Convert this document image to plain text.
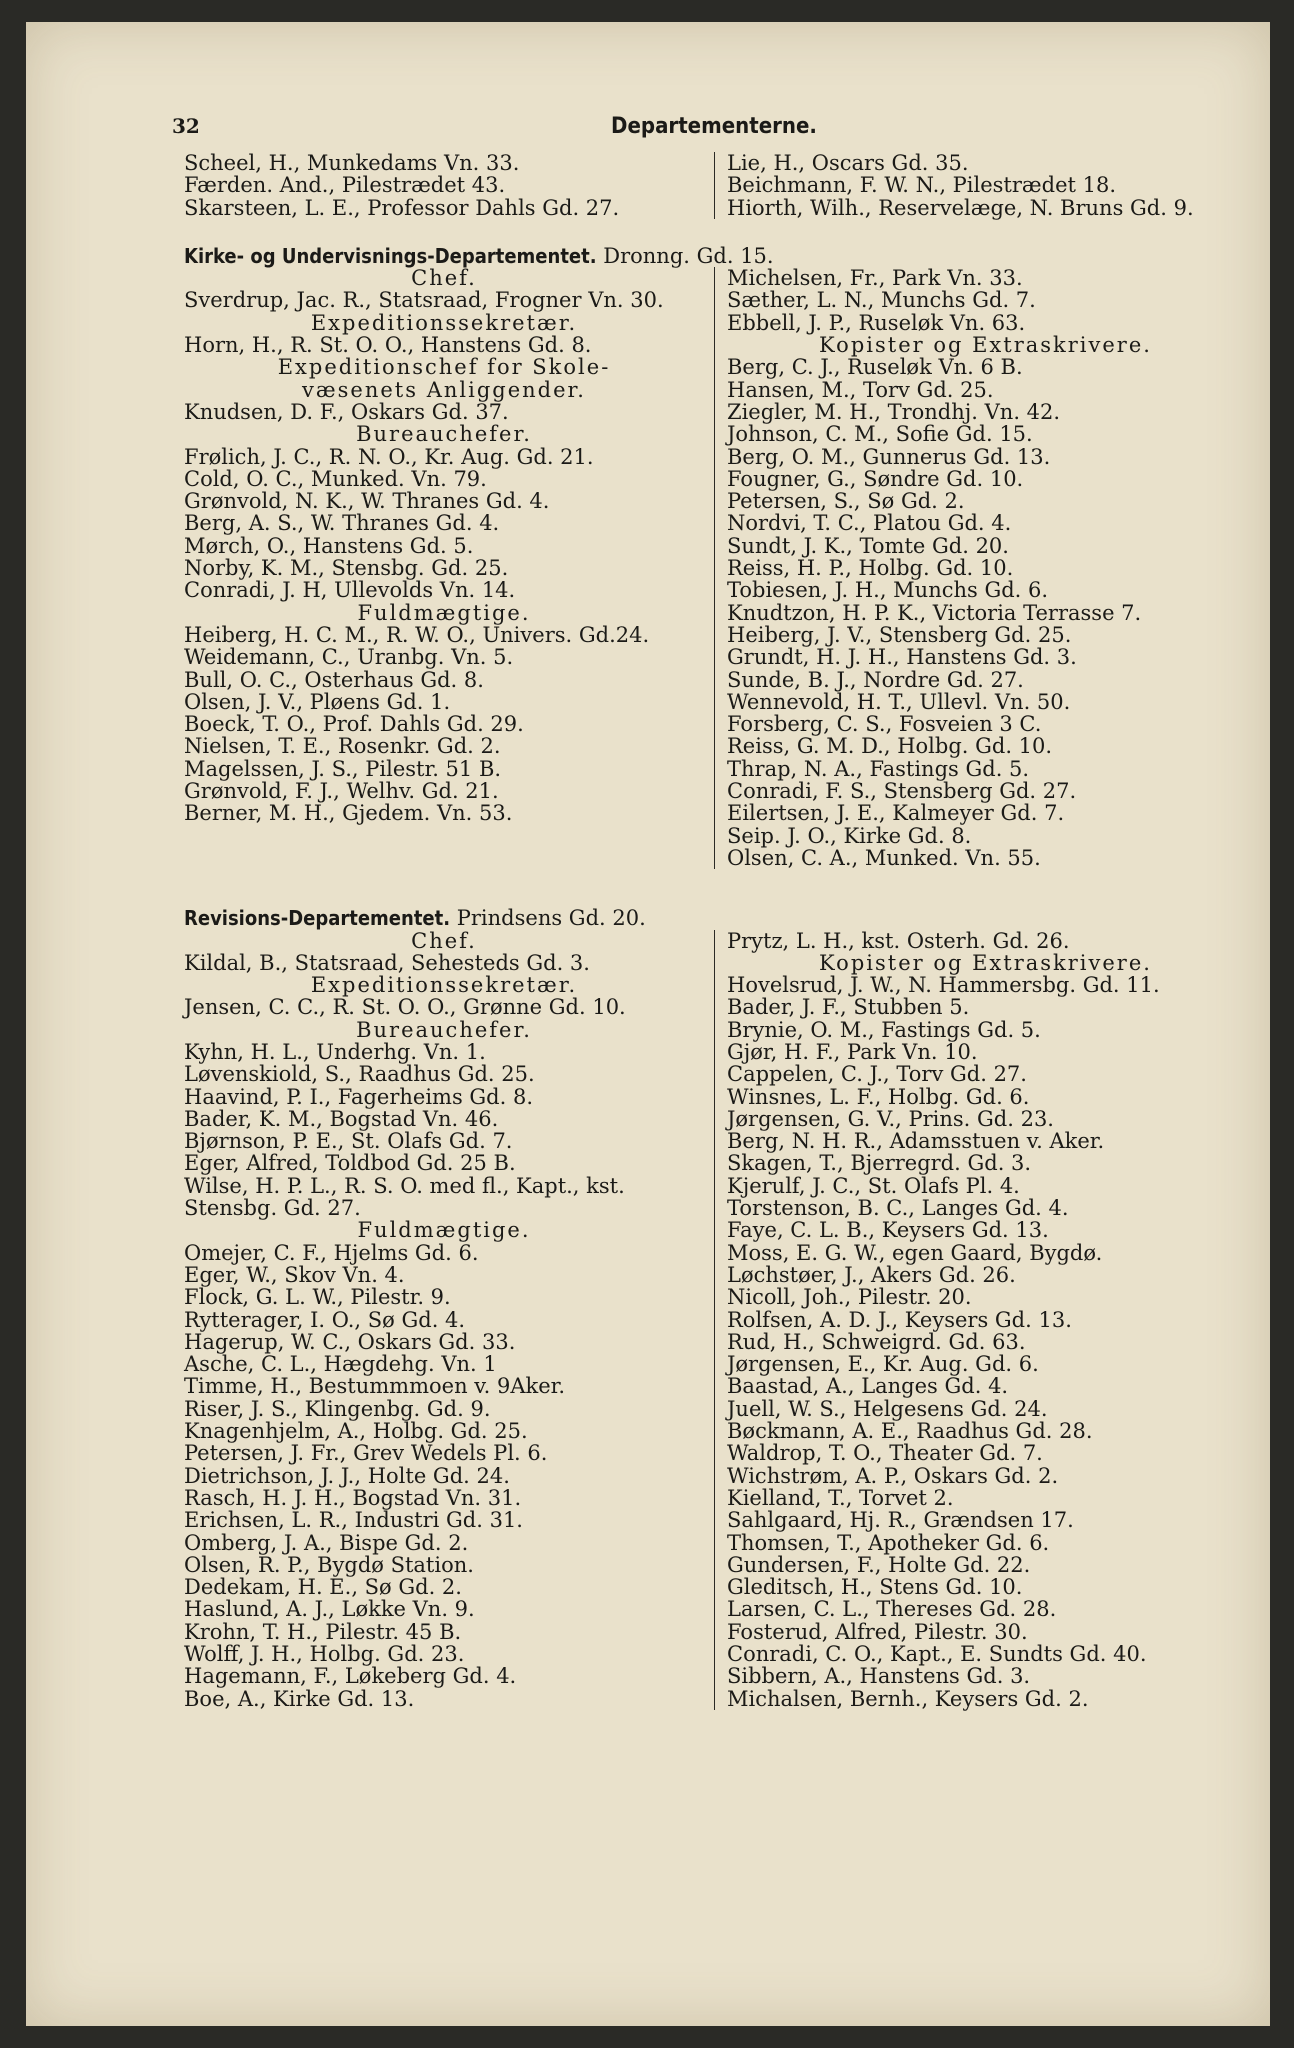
32	Departementerne.
Scheel, H., Munkedams Vn. 33.
Færden. And., Pilestrædet 43.
Skarsteen, L. E., Professor Dahls Gd. 27.
Lie, H., Oscars Gd. 35.
Beichmann, F. W. N., Pilestrædet 18.
Hiorth, Wilh., Reservelæge, N. Bruns Gd. 9.
Kirke- og Undervisnings-Departementet. Dronng. Gd. 15.
Chef.
Sverdrup, Jac. R., Statsraad, Frogner Vn. 30.
Expeditionssekretær.
Horn, H., R. St. O. O., Hanstens Gd. 8.
Expeditionschef for Skole-
væsenets Anliggender.
Knudsen, D. F., Oskars Gd. 37.
Bureauchefer.
Frølich, J. C., R. N. O., Kr. Aug. Gd. 21.
Cold, O. C., Munked. Vn. 79.
Grønvold, N. K., W. Thranes Gd. 4.
Berg, A. S., W. Thranes Gd. 4.
Mørch, O., Hanstens Gd. 5.
Norby, K. M., Stensbg. Gd. 25.
Conradi, J. H, Ullevolds Vn. 14.
Fuldmægtige.
Heiberg, H. C. M., R. W. O., Univers. Gd.24.
Weidemann, C., Uranbg. Vn. 5.
Bull, O. C., Osterhaus Gd. 8.
Olsen, J. V., Pløens Gd. 1.
Boeck, T. O., Prof. Dahls Gd. 29.
Nielsen, T. E., Rosenkr. Gd. 2.
Magelssen, J. S., Pilestr. 51 B.
Grønvold, F. J., Welhv. Gd. 21.
Berner, M. H., Gjedem. Vn. 53.
Michelsen, Fr., Park Vn. 33.
Sæther, L. N., Munchs Gd. 7.
Ebbell, J. P., Ruseløk Vn. 63.
Kopister og Extraskrivere.
Berg, C. J., Ruseløk Vn. 6 B.
Hansen, M., Torv Gd. 25.
Ziegler, M. H., Trondhj. Vn. 42.
Johnson, C. M., Sofie Gd. 15.
Berg, O. M., Gunnerus Gd. 13.
Fougner, G., Søndre Gd. 10.
Petersen, S., Sø Gd. 2.
Nordvi, T. C., Platou Gd. 4.
Sundt, J. K., Tomte Gd. 20.
Reiss, H. P., Holbg. Gd. 10.
Tobiesen, J. H., Munchs Gd. 6.
Knudtzon, H. P. K., Victoria Terrasse 7.
Heiberg, J. V., Stensberg Gd. 25.
Grundt, H. J. H., Hanstens Gd. 3.
Sunde, B. J., Nordre Gd. 27.
Wennevold, H. T., Ullevl. Vn. 50.
Forsberg, C. S., Fosveien 3 C.
Reiss, G. M. D., Holbg. Gd. 10.
Thrap, N. A., Fastings Gd. 5.
Conradi, F. S., Stensberg Gd. 27.
Eilertsen, J. E., Kalmeyer Gd. 7.
Seip. J. O., Kirke Gd. 8.
Olsen, C. A., Munked. Vn. 55.
Revisions-Departementet. Prindsens Gd. 20.
Chef.
Kildal, B., Statsraad, Sehesteds Gd. 3.
Expeditionssekretær.
Jensen, C. C., R. St. O. O., Grønne Gd. 10.
Bureauchefer.
Kyhn, H. L., Underhg. Vn. 1.
Løvenskiold, S., Raadhus Gd. 25.
Haavind, P. I., Fagerheims Gd. 8.
Bader, K. M., Bogstad Vn. 46.
Bjørnson, P. E., St. Olafs Gd. 7.
Eger, Alfred, Toldbod Gd. 25 B.
Wilse, H. P. L., R. S. O. med fl., Kapt., kst.
Stensbg. Gd. 27.
Fuldmægtige.
Omejer, C. F., Hjelms Gd. 6.
Eger, W., Skov Vn. 4.
Flock, G. L. W., Pilestr. 9.
Rytterager, I. O., Sø Gd. 4.
Hagerup, W. C., Oskars Gd. 33.
Asche, C. L., Hægdehg. Vn. 1
Timme, H., Bestummmoen v. 9Aker.
Riser, J. S., Klingenbg. Gd. 9.
Knagenhjelm, A., Holbg. Gd. 25.
Petersen, J. Fr., Grev Wedels Pl. 6.
Dietrichson, J. J., Holte Gd. 24.
Rasch, H. J. H., Bogstad Vn. 31.
Erichsen, L. R., Industri Gd. 31.
Omberg, J. A., Bispe Gd. 2.
Olsen, R. P., Bygdø Station.
Dedekam, H. E., Sø Gd. 2.
Haslund, A. J., Løkke Vn. 9.
Krohn, T. H., Pilestr. 45 B.
Wolff, J. H., Holbg. Gd. 23.
Hagemann, F., Løkeberg Gd. 4.
Boe, A., Kirke Gd. 13.
Prytz, L. H., kst. Osterh. Gd. 26.
Kopister og Extraskrivere.
Hovelsrud, J. W., N. Hammersbg. Gd. 11.
Bader, J. F., Stubben 5.
Brynie, O. M., Fastings Gd. 5.
Gjør, H. F., Park Vn. 10.
Cappelen, C. J., Torv Gd. 27.
Winsnes, L. F., Holbg. Gd. 6.
Jørgensen, G. V., Prins. Gd. 23.
Berg, N. H. R., Adamsstuen v. Aker.
Skagen, T., Bjerregrd. Gd. 3.
Kjerulf, J. C., St. Olafs Pl. 4.
Torstenson, B. C., Langes Gd. 4.
Faye, C. L. B., Keysers Gd. 13.
Moss, E. G. W., egen Gaard, Bygdø.
Løchstøer, J., Akers Gd. 26.
Nicoll, Joh., Pilestr. 20.
Rolfsen, A. D. J., Keysers Gd. 13.
Rud, H., Schweigrd. Gd. 63.
Jørgensen, E., Kr. Aug. Gd. 6.
Baastad, A., Langes Gd. 4.
Juell, W. S., Helgesens Gd. 24.
Bøckmann, A. E., Raadhus Gd. 28.
Waldrop, T. O., Theater Gd. 7.
Wichstrøm, A. P., Oskars Gd. 2.
Kielland, T., Torvet 2.
Sahlgaard, Hj. R., Grændsen 17.
Thomsen, T., Apotheker Gd. 6.
Gundersen, F., Holte Gd. 22.
Gleditsch, H., Stens Gd. 10.
Larsen, C. L., Thereses Gd. 28.
Fosterud, Alfred, Pilestr. 30.
Conradi, C. O., Kapt., E. Sundts Gd. 40.
Sibbern, A., Hanstens Gd. 3.
Michalsen, Bernh., Keysers Gd. 2.
